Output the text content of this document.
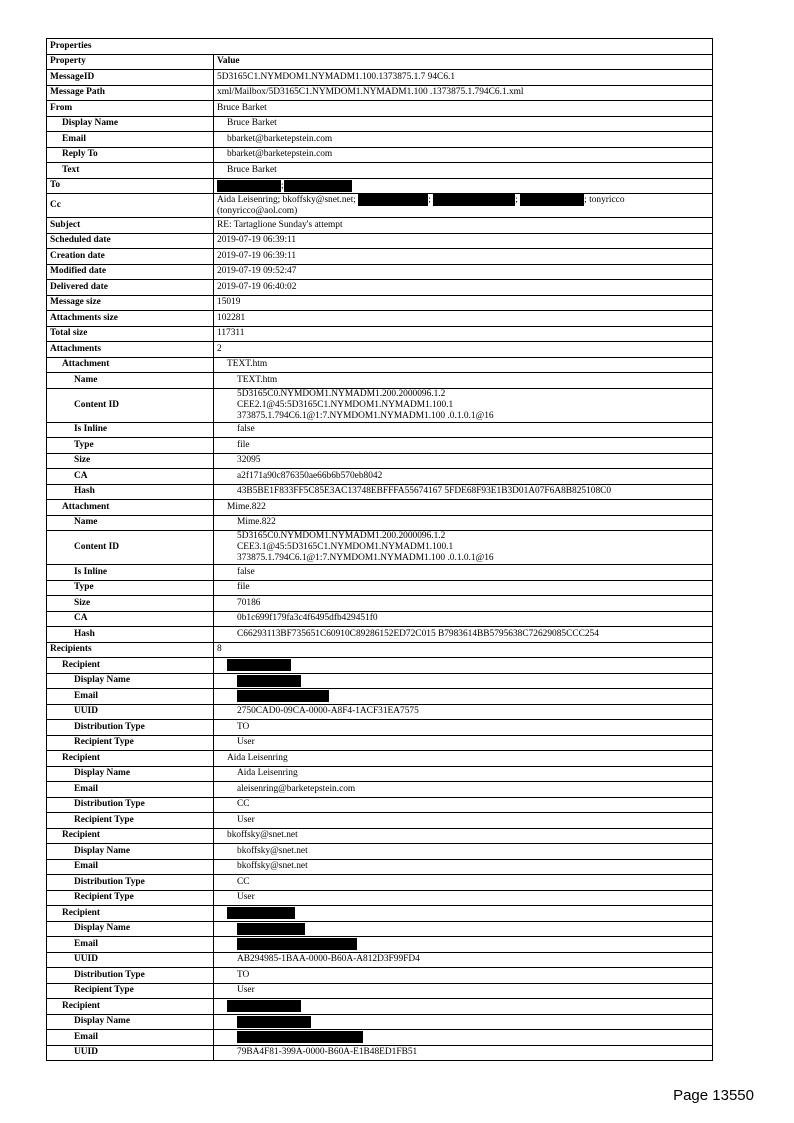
Properties	
Property	Value
MessageID	5D3165C1.NYMDOM1.NYMADM1.100.1373875.1.7 94C6.1
Message Path	xml/Mailbox/5D3165C1.NYMDOM1.NYMADM1.100 .1373875.1.794C6.1.xml
From	Bruce Barket
Display Name	Bruce Barket
Email	bbarket@barketepstein.com
Reply To	bbarket@barketepstein.com
Text	Bruce Barket
To	;
Cc	Aida Leisenring; bkoffsky@snet.net; ; ; ; tonyricco
(tonyricco@aol.com)

Subject	RE: Tartaglione Sunday's attempt
Scheduled date	2019-07-19 06:39:11
Creation date	2019-07-19 06:39:11
Modified date	2019-07-19 09:52:47
Delivered date	2019-07-19 06:40:02
Message size	15019
Attachments size	102281
Total size	117311
Attachments	2
Attachment	TEXT.htm
Name	TEXT.htm
Content ID	5D3165C0.NYMDOM1.NYMADM1.200.2000096.1.2
CEE2.1@45:5D3165C1.NYMDOM1.NYMADM1.100.1
373875.1.794C6.1@1:7.NYMDOM1.NYMADM1.100 .0.1.0.1@16

Is Inline	false
Type	file
Size	32095
CA	a2f171a90c876350ae66b6b570eb8042
Hash	43B5BE1F833FF5C85E3AC13748EBFFFA55674167 5FDE68F93E1B3D01A07F6A8B825108C0
Attachment	Mime.822
Name	Mime.822
Content ID	5D3165C0.NYMDOM1.NYMADM1.200.2000096.1.2
CEE3.1@45:5D3165C1.NYMDOM1.NYMADM1.100.1
373875.1.794C6.1@1:7.NYMDOM1.NYMADM1.100 .0.1.0.1@16

Is Inline	false
Type	file
Size	70186
CA	0b1c699f179fa3c4f6495dfb429451f0
Hash	C66293113BF735651C60910C89286152ED72C015 B7983614BB5795638C72629085CCC254
Recipients	8
Recipient	
Display Name	
Email	
UUID	2750CAD0-09CA-0000-A8F4-1ACF31EA7575
Distribution Type	TO
Recipient Type	User
Recipient	Aida Leisenring
Display Name	Aida Leisenring
Email	aleisenring@barketepstein.com
Distribution Type	CC
Recipient Type	User
Recipient	bkoffsky@snet.net
Display Name	bkoffsky@snet.net
Email	bkoffsky@snet.net
Distribution Type	CC
Recipient Type	User
Recipient	
Display Name	
Email	
UUID	AB294985-1BAA-0000-B60A-A812D3F99FD4
Distribution Type	TO
Recipient Type	User
Recipient	
Display Name	
Email	
UUID	79BA4F81-399A-0000-B60A-E1B48ED1FB51
Page 13550
